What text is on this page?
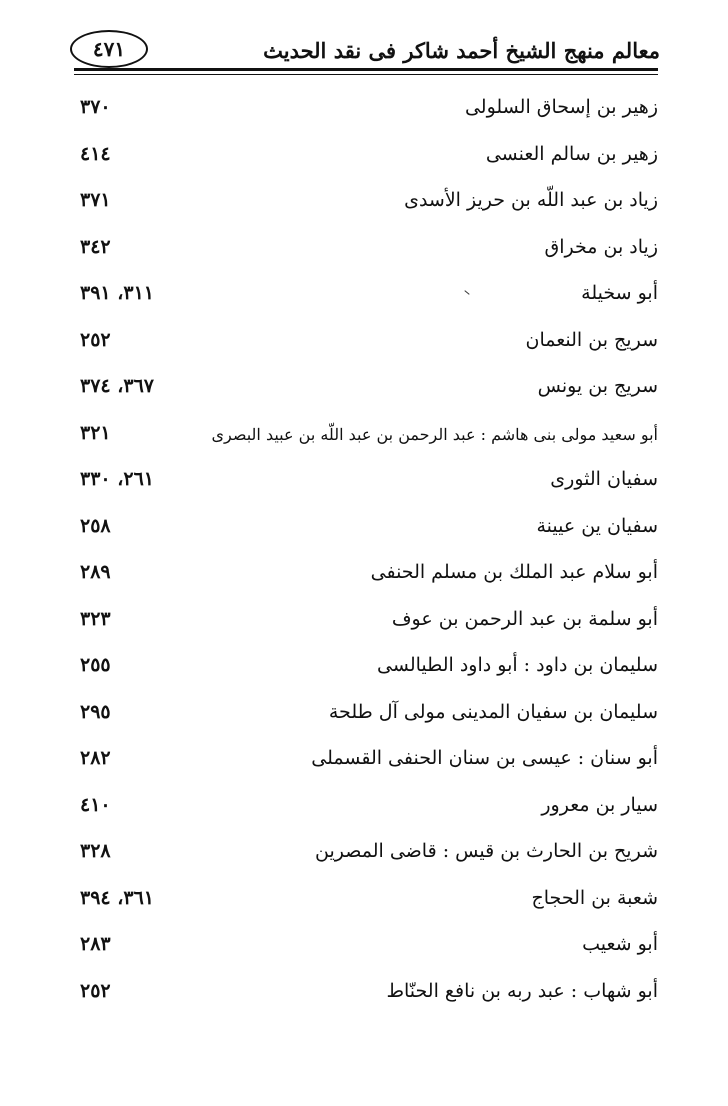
معالم منهج الشيخ أحمد شاكر فى نقد الحديث
٤٧١
زهير بن إسحاق السلولى
٣٧٠
زهير بن سالم العنسى
٤١٤
زياد بن عبد اللّه بن حريز الأسدى
٣٧١
زياد بن مخراق
٣٤٢
أبو سخيلة
٣١١، ٣٩١
سريج بن النعمان
٢٥٢
سريج بن يونس
٣٦٧، ٣٧٤
أبو سعيد مولى بنى هاشم : عبد الرحمن بن عبد اللّه بن عبيد البصرى
٣٢١
سفيان الثورى
٢٦١، ٣٣٠
سفيان ين عيينة
٢٥٨
أبو سلام عبد الملك بن مسلم الحنفى
٢٨٩
أبو سلمة بن عبد الرحمن بن عوف
٣٢٣
سليمان بن داود : أبو داود الطيالسى
٢٥٥
سليمان بن سفيان المدينى مولى آل طلحة
٢٩٥
أبو سنان : عيسى بن سنان الحنفى القسملى
٢٨٢
سيار بن معرور
٤١٠
شريح بن الحارث بن قيس : قاضى المصرين
٣٢٨
شعبة بن الحجاج
٣٦١، ٣٩٤
أبو شعيب
٢٨٣
أبو شهاب : عبد ربه بن نافع الحنّاط
٢٥٢
